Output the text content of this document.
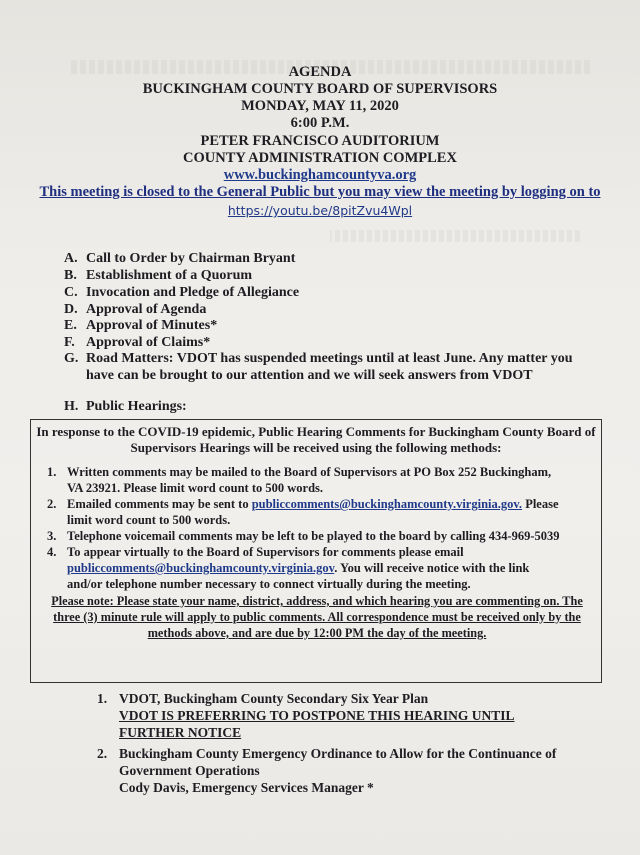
AGENDA
BUCKINGHAM COUNTY BOARD OF SUPERVISORS
MONDAY, MAY 11, 2020
6:00 P.M.
PETER FRANCISCO AUDITORIUM
COUNTY ADMINISTRATION COMPLEX
www.buckinghamcountyva.org
This meeting is closed to the General Public but you may view the meeting by logging on to
https://youtu.be/8pitZvu4Wpl
A. Call to Order by Chairman Bryant
B. Establishment of a Quorum
C. Invocation and Pledge of Allegiance
D. Approval of Agenda
E. Approval of Minutes*
F. Approval of Claims*
G. Road Matters: VDOT has suspended meetings until at least June. Any matter you
have can be brought to our attention and we will seek answers from VDOT
H. Public Hearings:
In response to the COVID-19 epidemic, Public Hearing Comments for Buckingham County Board of
Supervisors Hearings will be received using the following methods:
1. Written comments may be mailed to the Board of Supervisors at PO Box 252 Buckingham,
VA 23921. Please limit word count to 500 words.
2. Emailed comments may be sent to publiccomments@buckinghamcounty.virginia.gov. Please
limit word count to 500 words.
3. Telephone voicemail comments may be left to be played to the board by calling 434-969-5039
4. To appear virtually to the Board of Supervisors for comments please email
publiccomments@buckinghamcounty.virginia.gov. You will receive notice with the link
and/or telephone number necessary to connect virtually during the meeting.
Please note: Please state your name, district, address, and which hearing you are commenting on. The
three (3) minute rule will apply to public comments. All correspondence must be received only by the
methods above, and are due by 12:00 PM the day of the meeting.
1. VDOT, Buckingham County Secondary Six Year Plan
VDOT IS PREFERRING TO POSTPONE THIS HEARING UNTIL
FURTHER NOTICE
2. Buckingham County Emergency Ordinance to Allow for the Continuance of
Government Operations
Cody Davis, Emergency Services Manager *
